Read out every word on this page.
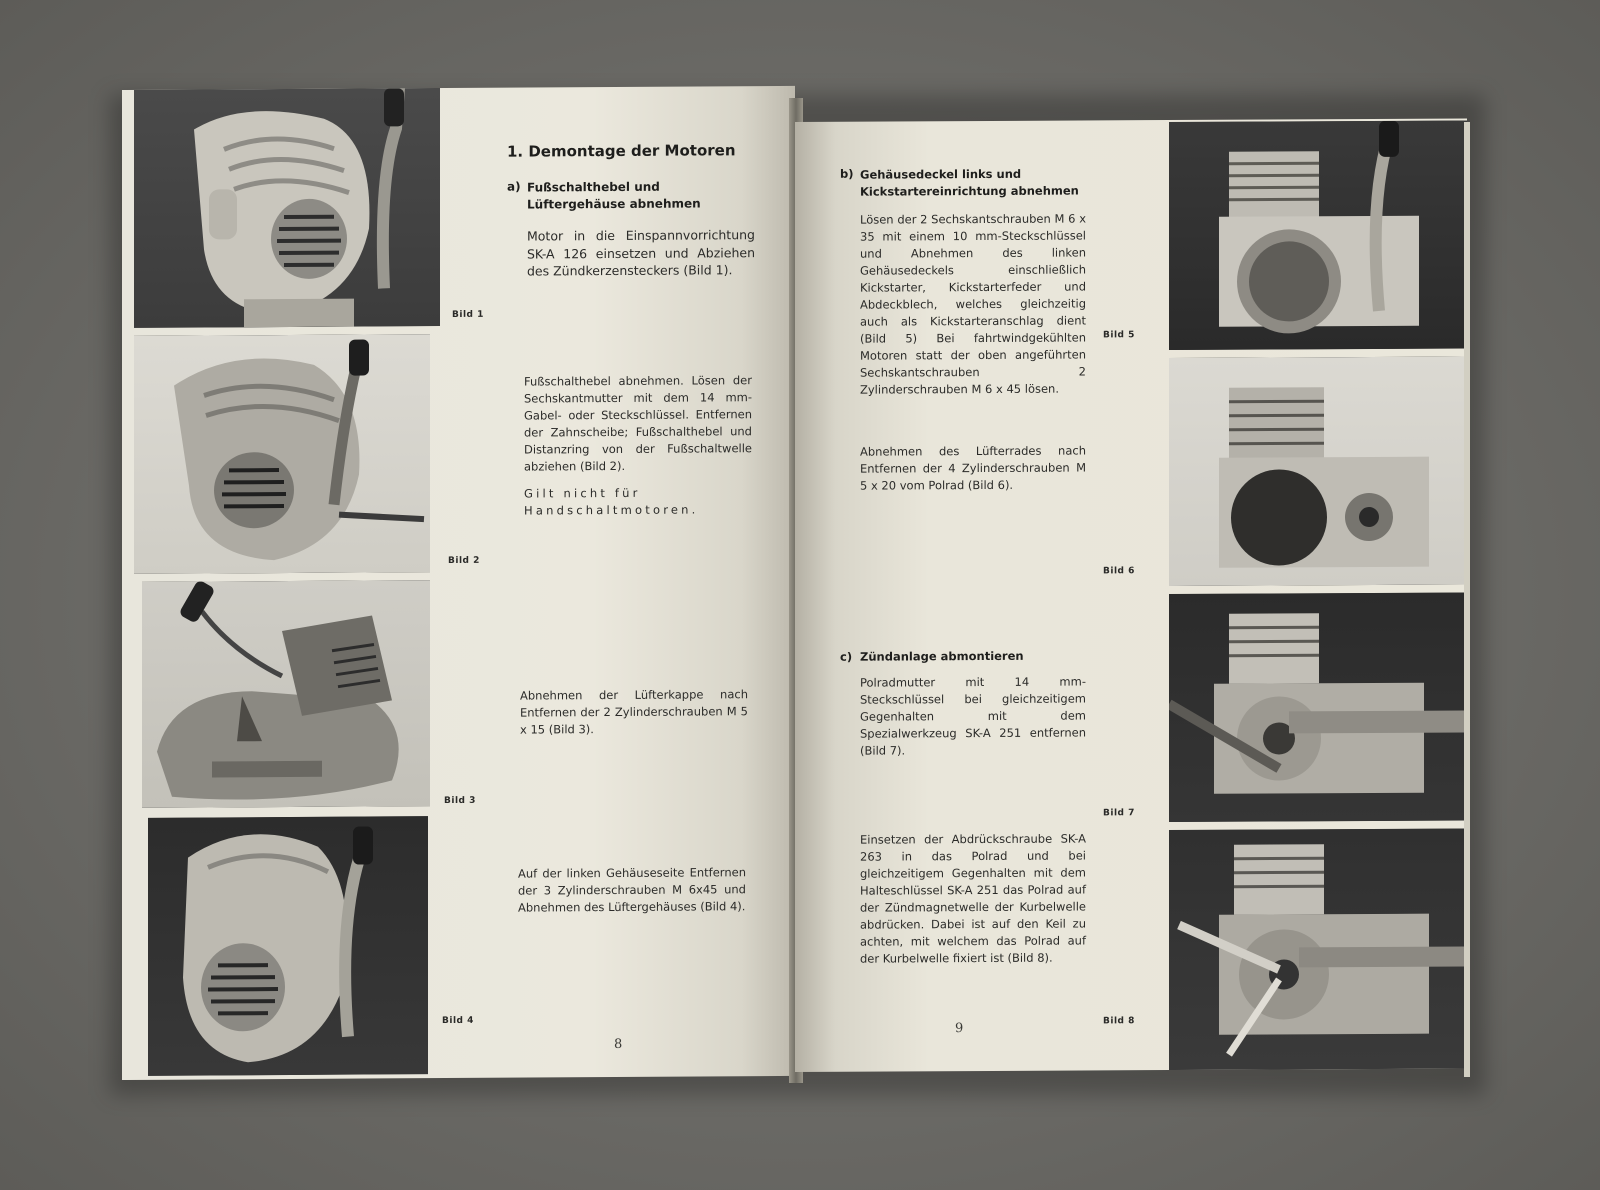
Bild 1
Bild 2
Bild 3
Bild 4
1. Demontage der Motoren
a) Fußschalthebel und Lüftergehäuse abnehmen
Motor in die Einspannvorrichtung SK-A 126 einsetzen und Abziehen des Zündkerzensteckers (Bild 1).
Fußschalthebel abnehmen. Lösen der Sechskantmutter mit dem 14 mm-Gabel- oder Steckschlüssel. Entfernen der Zahnscheibe; Fußschalthebel und Distanzring von der Fußschaltwelle abziehen (Bild 2).
Gilt nicht für Handschaltmotoren.
Abnehmen der Lüfterkappe nach Entfernen der 2 Zylinderschrauben M 5 x 15 (Bild 3).
Auf der linken Gehäuseseite Entfernen der 3 Zylinderschrauben M 6x45 und Abnehmen des Lüftergehäuses (Bild 4).
8
b) Gehäusedeckel links und Kickstartereinrichtung abnehmen
Lösen der 2 Sechskantschrauben M 6 x 35 mit einem 10 mm-Steckschlüssel und Abnehmen des linken Gehäusedeckels einschließlich Kickstarter, Kickstarterfeder und Abdeckblech, welches gleichzeitig auch als Kickstarteranschlag dient (Bild 5) Bei fahrtwindgekühlten Motoren statt der oben angeführten Sechskantschrauben 2 Zylinderschrauben M 6 x 45 lösen.
Abnehmen des Lüfterrades nach Entfernen der 4 Zylinderschrauben M 5 x 20 vom Polrad (Bild 6).
c) Zündanlage abmontieren
Polradmutter mit 14 mm-Steckschlüssel bei gleichzeitigem Gegenhalten mit dem Spezialwerkzeug SK-A 251 entfernen (Bild 7).
Einsetzen der Abdrückschraube SK-A 263 in das Polrad und bei gleichzeitigem Gegenhalten mit dem Halteschlüssel SK-A 251 das Polrad auf der Zündmagnetwelle der Kurbelwelle abdrücken. Dabei ist auf den Keil zu achten, mit welchem das Polrad auf der Kurbelwelle fixiert ist (Bild 8).
9
Bild 5
Bild 6
Bild 7
Bild 8
